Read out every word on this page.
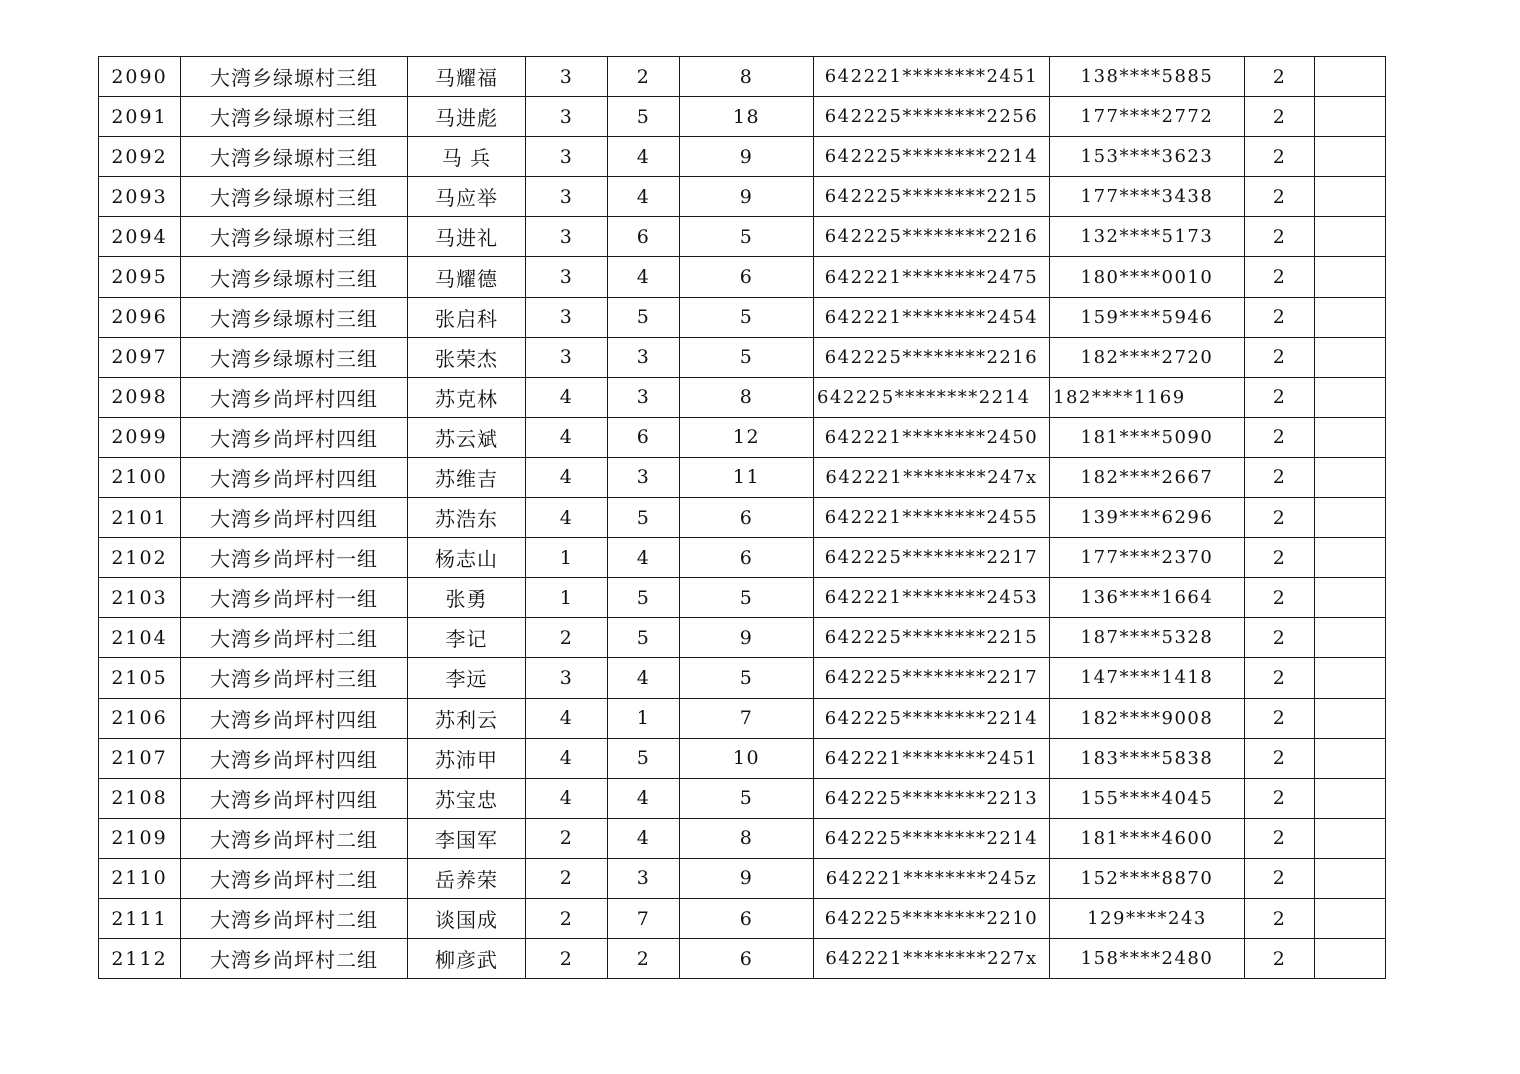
2090	大湾乡绿塬村三组	马耀福	3	2	8	642221********2451	138****5885	2	
2091	大湾乡绿塬村三组	马进彪	3	5	18	642225********2256	177****2772	2	
2092	大湾乡绿塬村三组	马 兵	3	4	9	642225********2214	153****3623	2	
2093	大湾乡绿塬村三组	马应举	3	4	9	642225********2215	177****3438	2	
2094	大湾乡绿塬村三组	马进礼	3	6	5	642225********2216	132****5173	2	
2095	大湾乡绿塬村三组	马耀德	3	4	6	642221********2475	180****0010	2	
2096	大湾乡绿塬村三组	张启科	3	5	5	642221********2454	159****5946	2	
2097	大湾乡绿塬村三组	张荣杰	3	3	5	642225********2216	182****2720	2	
2098	大湾乡尚坪村四组	苏克林	4	3	8	642225********2214	182****1169	2	
2099	大湾乡尚坪村四组	苏云斌	4	6	12	642221********2450	181****5090	2	
2100	大湾乡尚坪村四组	苏维吉	4	3	11	642221********247x	182****2667	2	
2101	大湾乡尚坪村四组	苏浩东	4	5	6	642221********2455	139****6296	2	
2102	大湾乡尚坪村一组	杨志山	1	4	6	642225********2217	177****2370	2	
2103	大湾乡尚坪村一组	张勇	1	5	5	642221********2453	136****1664	2	
2104	大湾乡尚坪村二组	李记	2	5	9	642225********2215	187****5328	2	
2105	大湾乡尚坪村三组	李远	3	4	5	642225********2217	147****1418	2	
2106	大湾乡尚坪村四组	苏利云	4	1	7	642225********2214	182****9008	2	
2107	大湾乡尚坪村四组	苏沛甲	4	5	10	642221********2451	183****5838	2	
2108	大湾乡尚坪村四组	苏宝忠	4	4	5	642225********2213	155****4045	2	
2109	大湾乡尚坪村二组	李国军	2	4	8	642225********2214	181****4600	2	
2110	大湾乡尚坪村二组	岳养荣	2	3	9	642221********245z	152****8870	2	
2111	大湾乡尚坪村二组	谈国成	2	7	6	642225********2210	129****243	2	
2112	大湾乡尚坪村二组	柳彦武	2	2	6	642221********227x	158****2480	2	
